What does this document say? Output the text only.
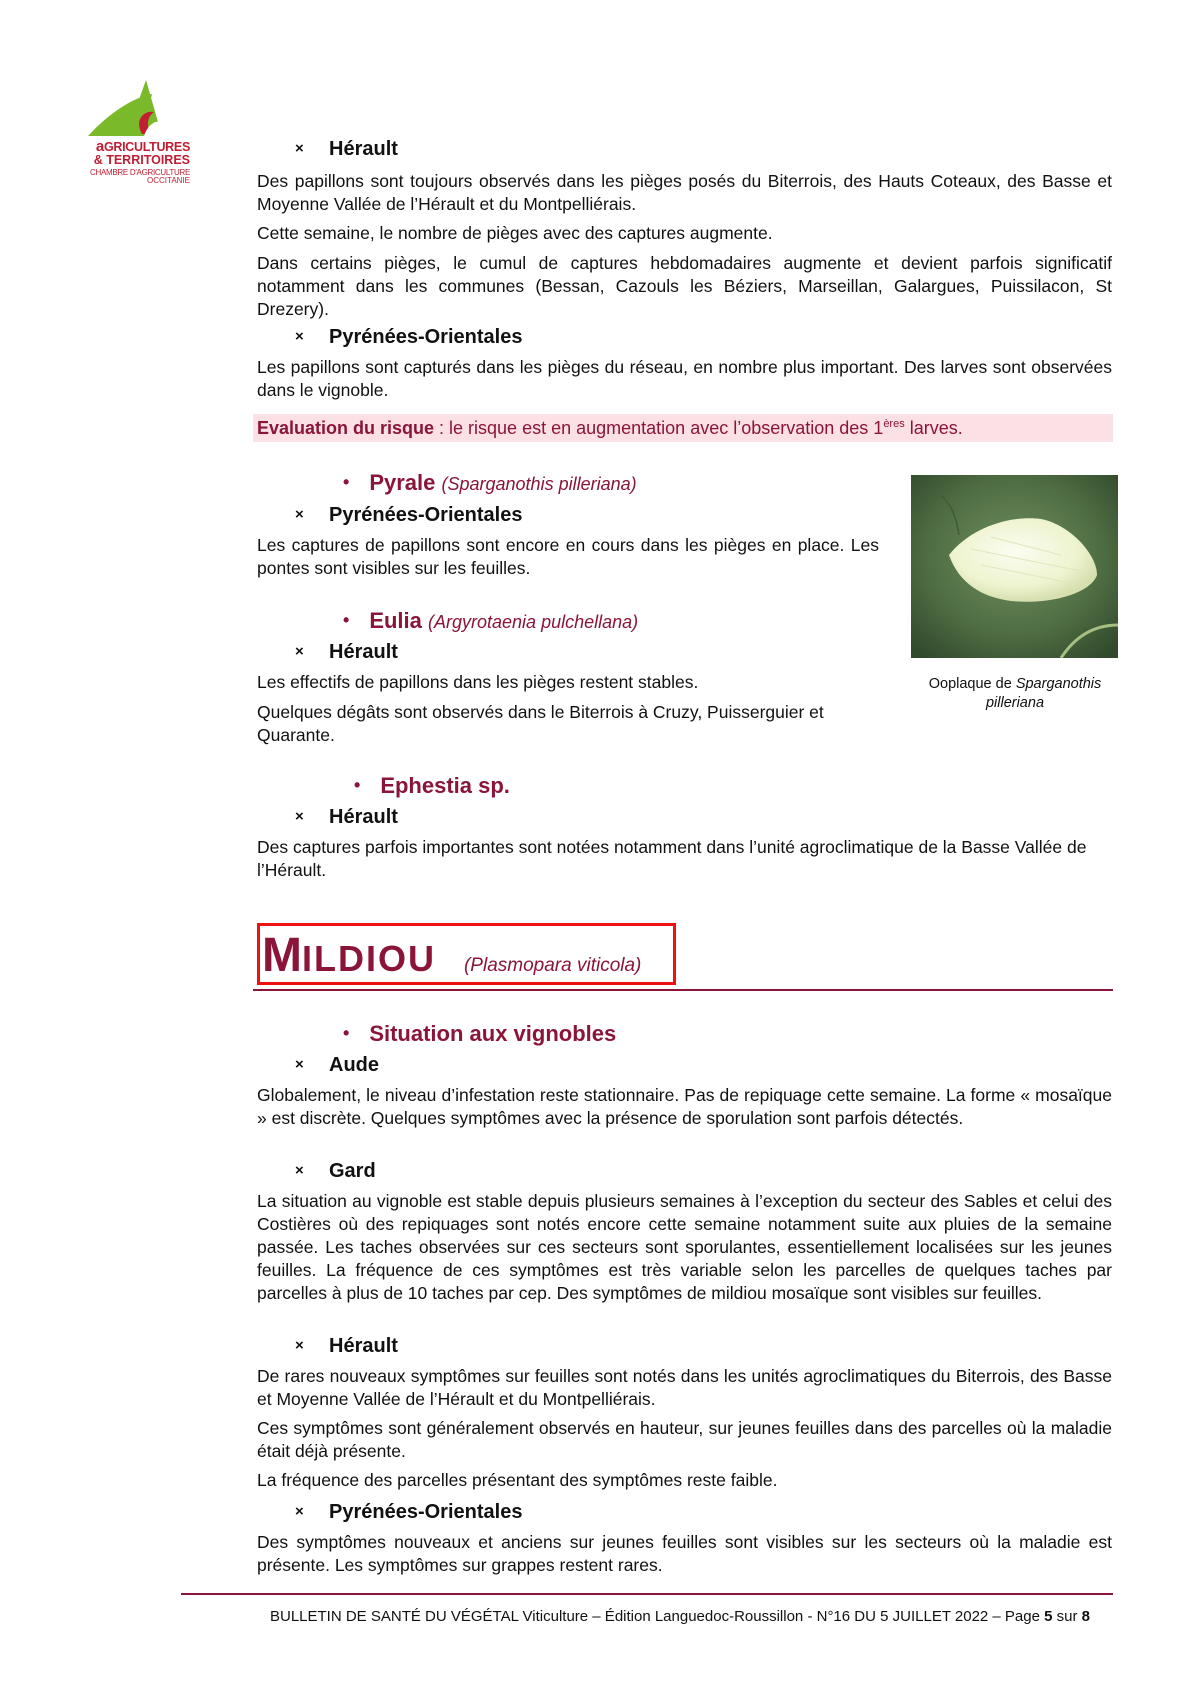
aGRICULTURES
& TERRITOIRES
CHAMBRE D'AGRICULTURE
OCCITANIE

× Hérault

Des papillons sont toujours observés dans les pièges posés du Biterrois, des Hauts Coteaux, des Basse et Moyenne Vallée de l’Hérault et du Montpelliérais.

Cette semaine, le nombre de pièges avec des captures augmente.

Dans certains pièges, le cumul de captures hebdomadaires augmente et devient parfois significatif notamment dans les communes (Bessan, Cazouls les Béziers, Marseillan, Galargues, Puissilacon, St Drezery).

× Pyrénées-Orientales

Les papillons sont capturés dans les pièges du réseau, en nombre plus important. Des larves sont observées dans le vignoble.

Evaluation du risque : le risque est en augmentation avec l’observation des 1ères larves.

• Pyrale (Sparganothis pilleriana)

× Pyrénées-Orientales

Les captures de papillons sont encore en cours dans les pièges en place. Les pontes sont visibles sur les feuilles.

Ooplaque de Sparganothis
pilleriana

• Eulia (Argyrotaenia pulchellana)

× Hérault

Les effectifs de papillons dans les pièges restent stables.

Quelques dégâts sont observés dans le Biterrois à Cruzy, Puisserguier et Quarante.

• Ephestia sp.

× Hérault

Des captures parfois importantes sont notées notamment dans l’unité agroclimatique de la Basse Vallée de l’Hérault.

MILDIOU (Plasmopara viticola)

• Situation aux vignobles

× Aude

Globalement, le niveau d’infestation reste stationnaire. Pas de repiquage cette semaine. La forme « mosaïque » est discrète. Quelques symptômes avec la présence de sporulation sont parfois détectés.

× Gard

La situation au vignoble est stable depuis plusieurs semaines à l’exception du secteur des Sables et celui des Costières où des repiquages sont notés encore cette semaine notamment suite aux pluies de la semaine passée. Les taches observées sur ces secteurs sont sporulantes, essentiellement localisées sur les jeunes feuilles. La fréquence de ces symptômes est très variable selon les parcelles de quelques taches par parcelles à plus de 10 taches par cep. Des symptômes de mildiou mosaïque sont visibles sur feuilles.

× Hérault

De rares nouveaux symptômes sur feuilles sont notés dans les unités agroclimatiques du Biterrois, des Basse et Moyenne Vallée de l’Hérault et du Montpelliérais.

Ces symptômes sont généralement observés en hauteur, sur jeunes feuilles dans des parcelles où la maladie était déjà présente.

La fréquence des parcelles présentant des symptômes reste faible.

× Pyrénées-Orientales

Des symptômes nouveaux et anciens sur jeunes feuilles sont visibles sur les secteurs où la maladie est présente. Les symptômes sur grappes restent rares.

BULLETIN DE SANTÉ DU VÉGÉTAL Viticulture – Édition Languedoc-Roussillon - N°16 DU 5 JUILLET 2022 – Page 5 sur 8
